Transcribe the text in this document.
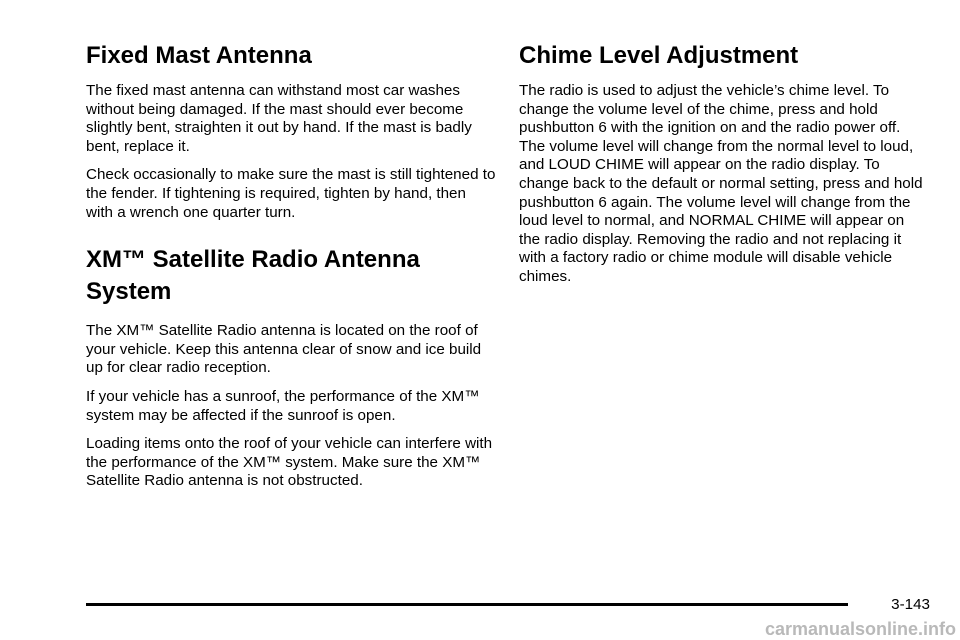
Fixed Mast Antenna

The fixed mast antenna can withstand most car washes without being damaged. If the mast should ever become slightly bent, straighten it out by hand. If the mast is badly bent, replace it.

Check occasionally to make sure the mast is still tightened to the fender. If tightening is required, tighten by hand, then with a wrench one quarter turn.

XM™ Satellite Radio Antenna
System

The XM™ Satellite Radio antenna is located on the roof of your vehicle. Keep this antenna clear of snow and ice build up for clear radio reception.

If your vehicle has a sunroof, the performance of the XM™ system may be affected if the sunroof is open.

Loading items onto the roof of your vehicle can interfere with the performance of the XM™ system. Make sure the XM™ Satellite Radio antenna is not obstructed.

Chime Level Adjustment

The radio is used to adjust the vehicle’s chime level. To change the volume level of the chime, press and hold pushbutton 6 with the ignition on and the radio power off. The volume level will change from the normal level to loud, and LOUD CHIME will appear on the radio display. To change back to the default or normal setting, press and hold pushbutton 6 again. The volume level will change from the loud level to normal, and NORMAL CHIME will appear on the radio display. Removing the radio and not replacing it with a factory radio or chime module will disable vehicle chimes.

3-143
carmanualsonline.info
